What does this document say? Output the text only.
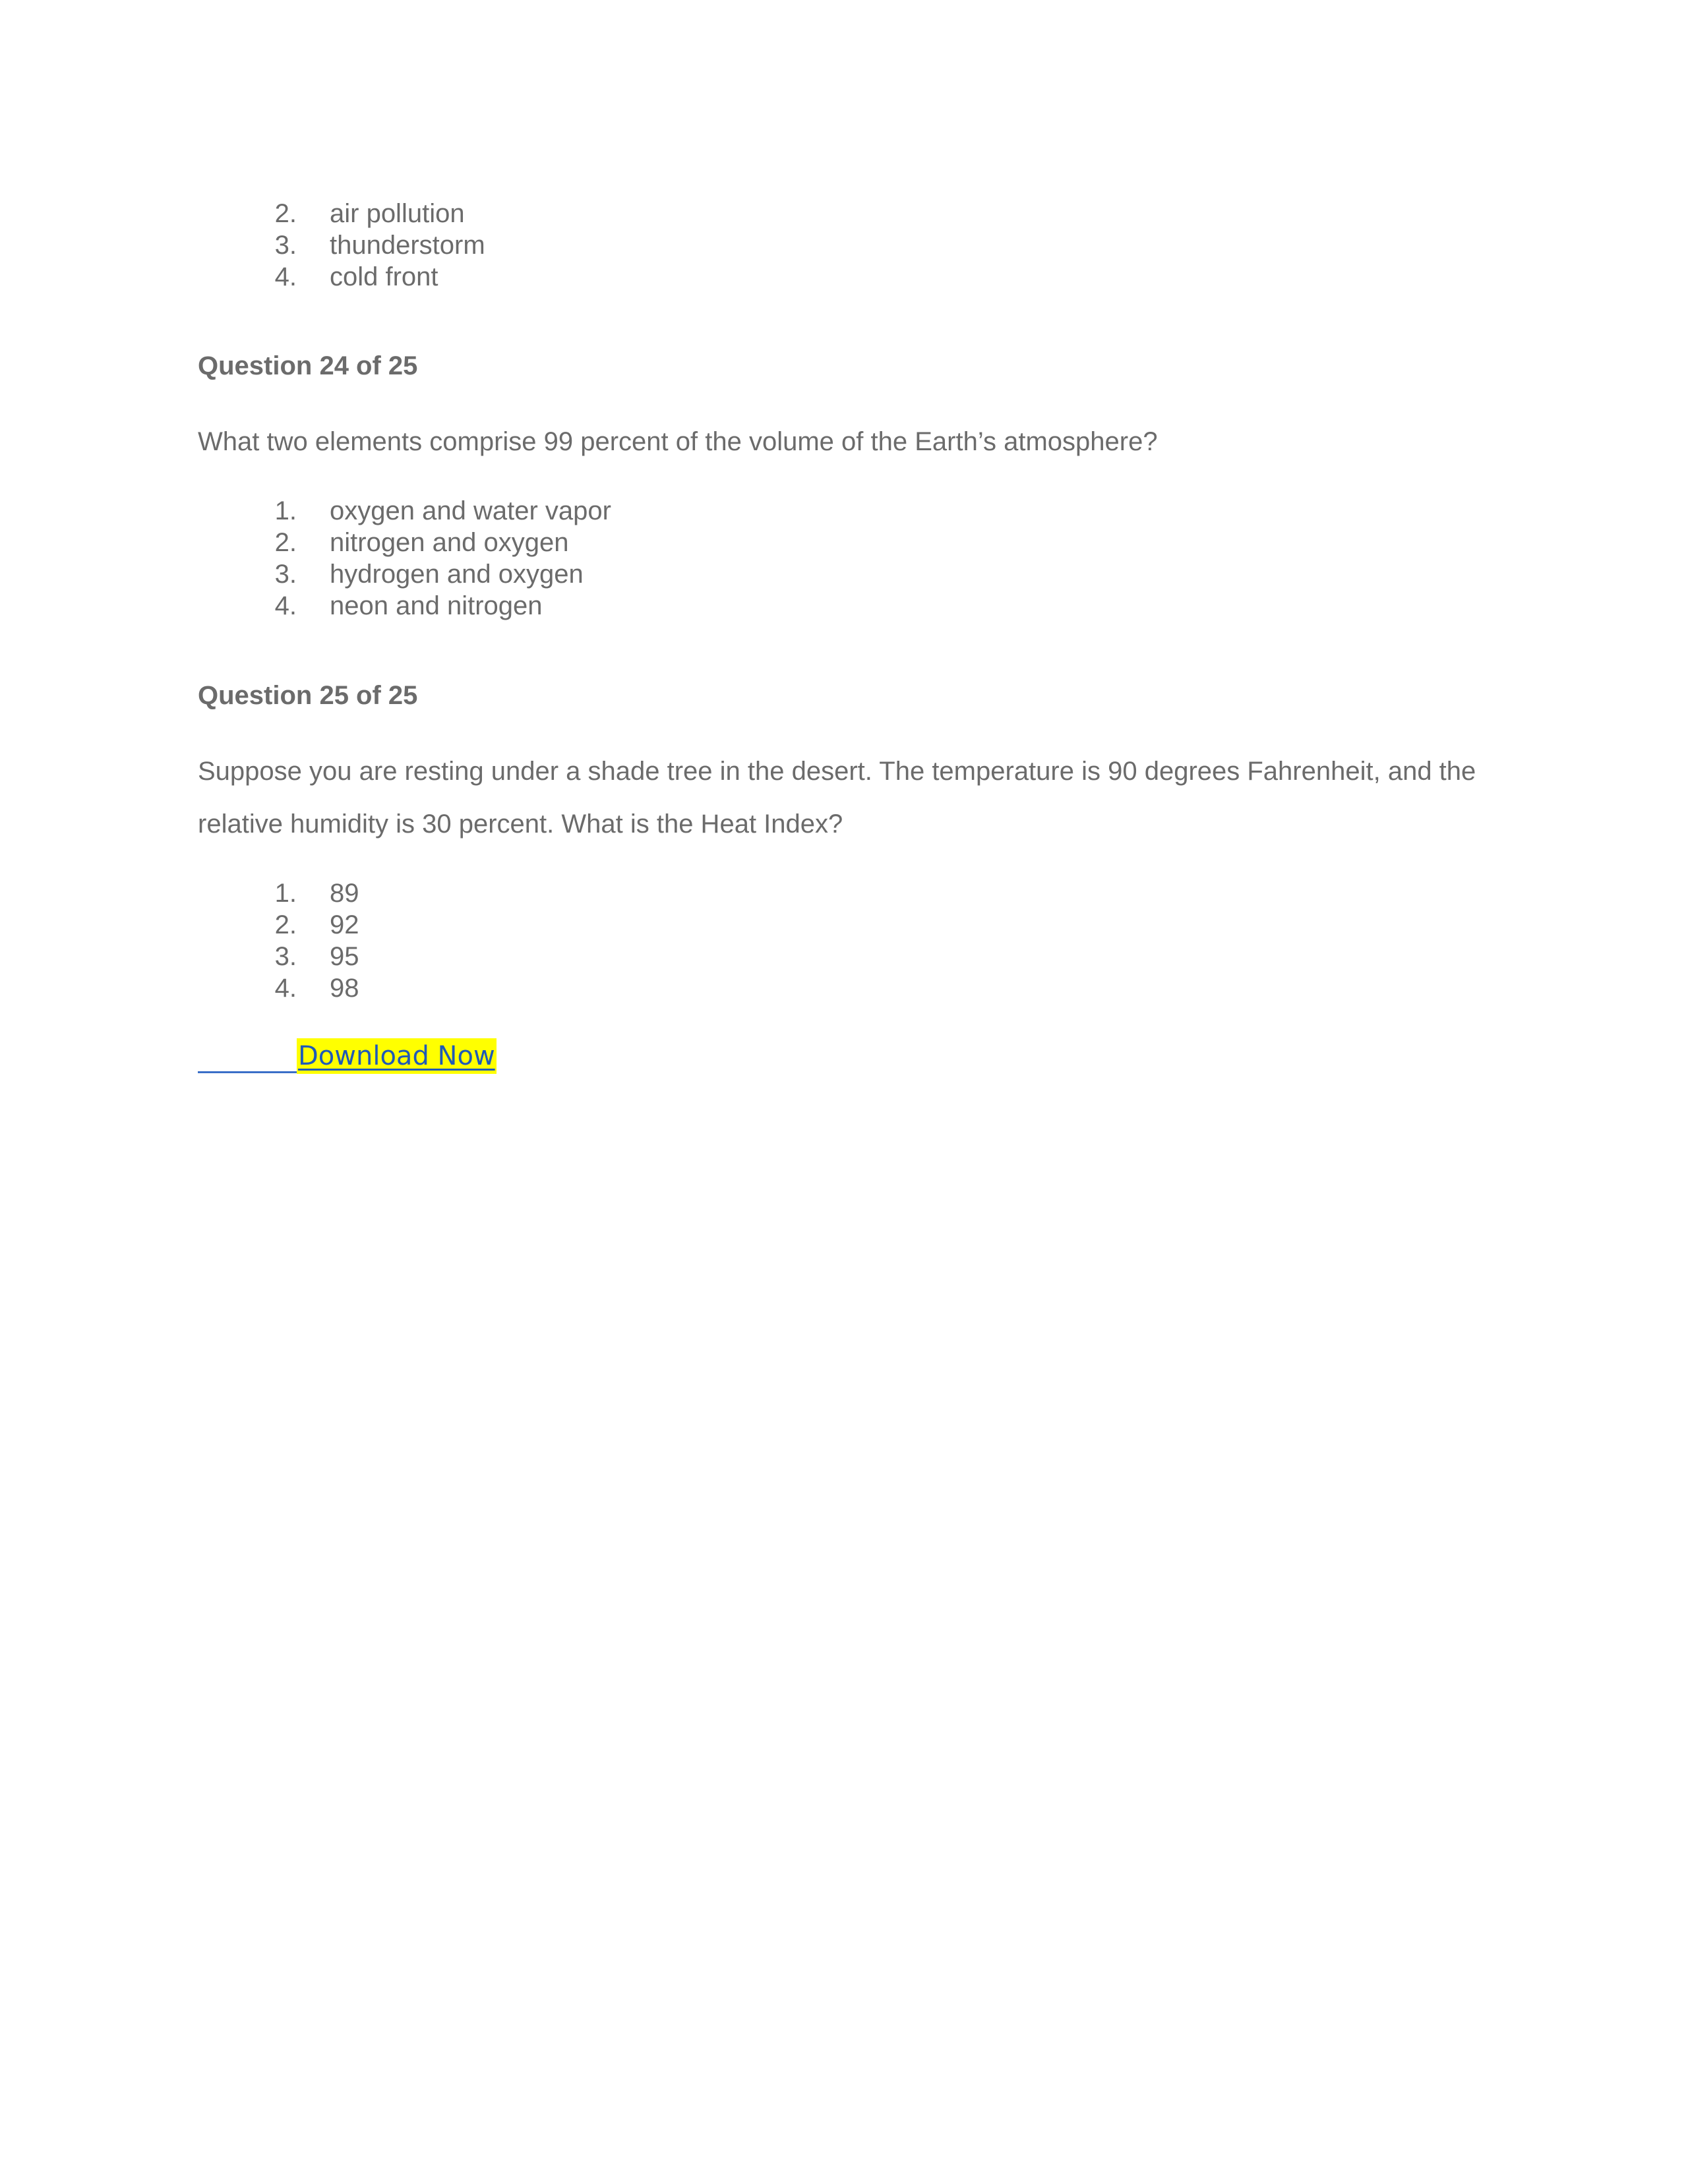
2.	air pollution
3.	thunderstorm
4.	cold front
Question 24 of 25
What two elements comprise 99 percent of the volume of the Earth’s atmosphere?
1.	oxygen and water vapor
2.	nitrogen and oxygen
3.	hydrogen and oxygen
4.	neon and nitrogen
Question 25 of 25
Suppose you are resting under a shade tree in the desert. The temperature is 90 degrees Fahrenheit, and the relative humidity is 30 percent. What is the Heat Index?
1.	89
2.	92
3.	95
4.	98
Download Now
